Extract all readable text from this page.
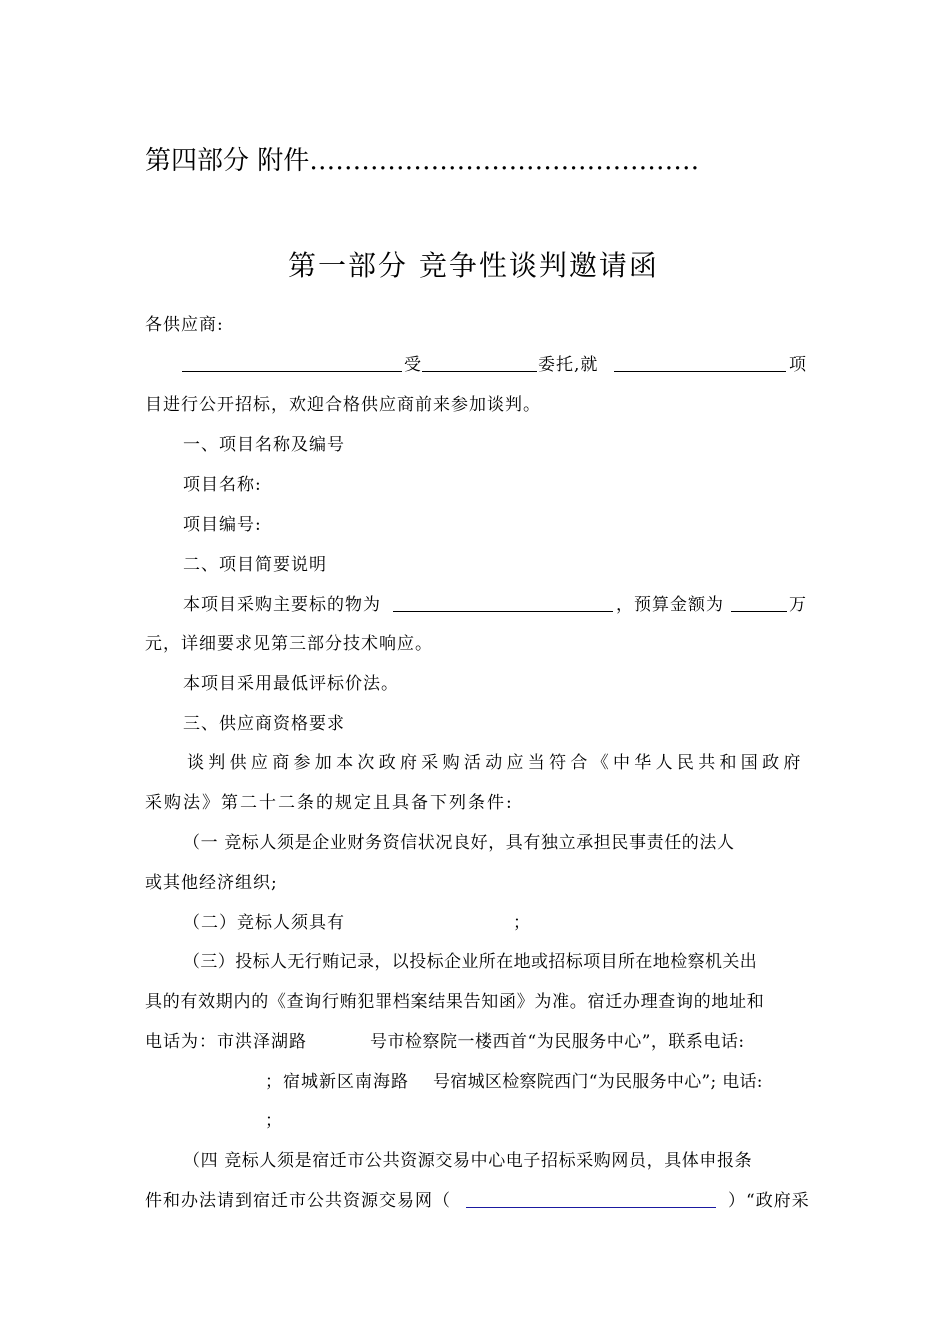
第四部分 附件………………………………………
第一部分 竞争性谈判邀请函
各供应商:
受	委托,就	项
目进行公开招标，欢迎合格供应商前来参加谈判。
一、项目名称及编号
项目名称:
项目编号:
二、项目简要说明
本项目采购主要标的物为	，预算金额为	万
元，详细要求见第三部分技术响应。
本项目采用最低评标价法。
三、供应商资格要求
谈判供应商参加本次政府采购活动应当符合《中华人民共和国政府
采购法》第二十二条的规定且具备下列条件:
（一 竞标人须是企业财务资信状况良好，具有独立承担民事责任的法人
或其他经济组织;
（二）竞标人须具有	；
（三）投标人无行贿记录，以投标企业所在地或招标项目所在地检察机关出
具的有效期内的《查询行贿犯罪档案结果告知函》为准。宿迁办理查询的地址和
电话为：市洪泽湖路	号市检察院一楼西首“为民服务中心”，联系电话:
；宿城新区南海路 号宿城区检察院西门“为民服务中心”; 电话:
；
（四 竞标人须是宿迁市公共资源交易中心电子招标采购网员，具体申报条
件和办法请到宿迁市公共资源交易网（	）“政府采
